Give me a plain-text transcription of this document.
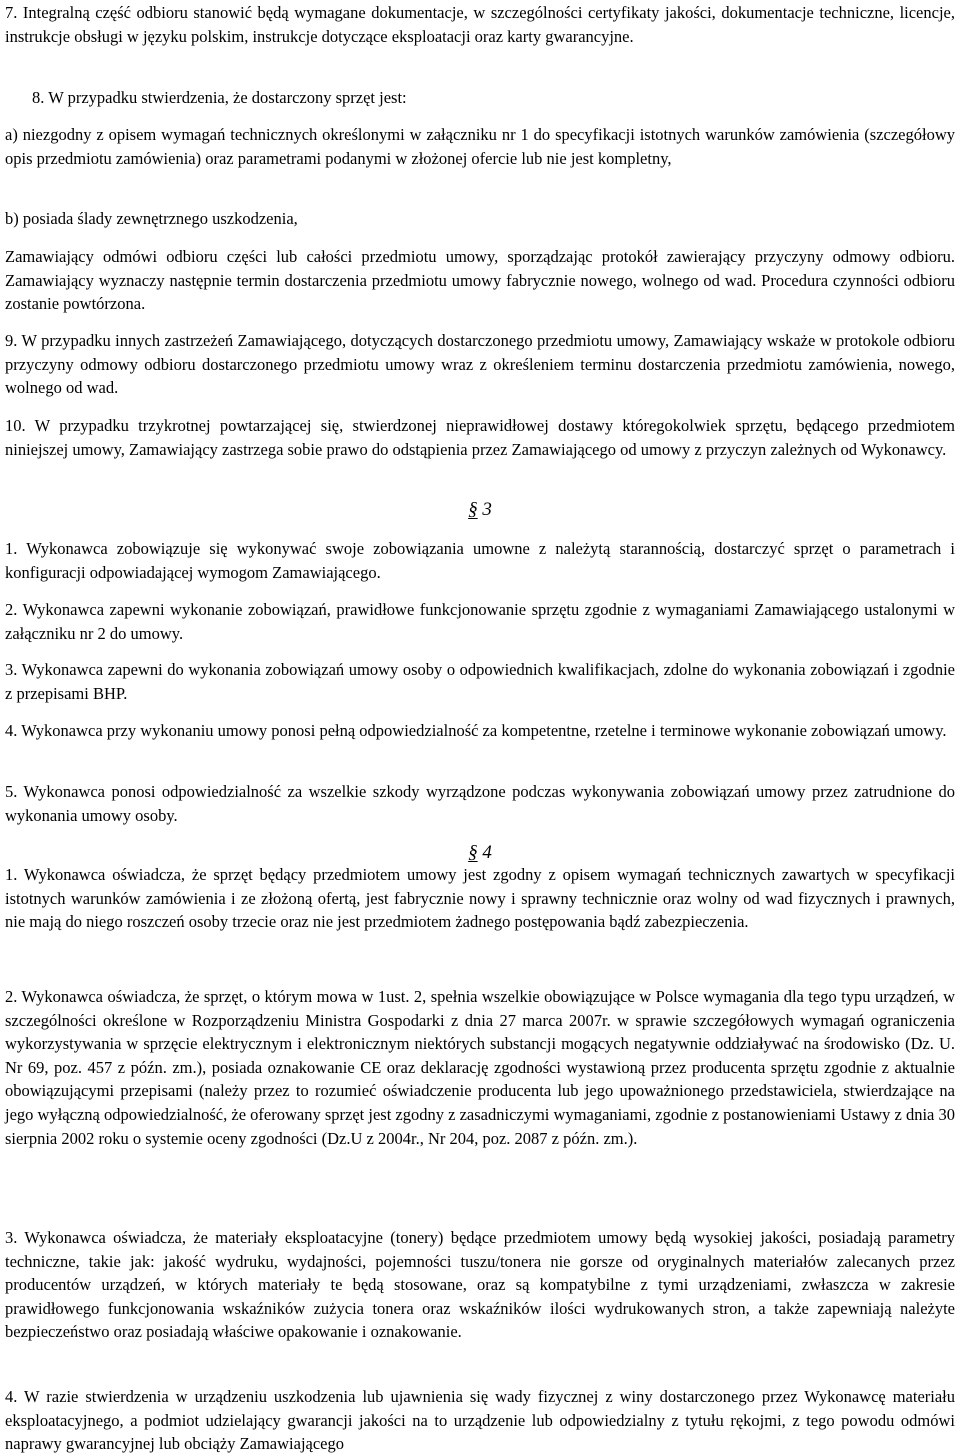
7. Integralną część odbioru stanowić będą wymagane dokumentacje, w szczególności certyfikaty jakości, dokumentacje techniczne, licencje, instrukcje obsługi w języku polskim, instrukcje dotyczące eksploatacji oraz karty gwarancyjne.

8. W przypadku stwierdzenia, że dostarczony sprzęt jest:

a) niezgodny z opisem wymagań technicznych określonymi w załączniku nr 1 do specyfikacji istotnych warunków zamówienia (szczegółowy opis przedmiotu zamówienia) oraz parametrami podanymi w złożonej ofercie lub nie jest kompletny,

b) posiada ślady zewnętrznego uszkodzenia,

Zamawiający odmówi odbioru części lub całości przedmiotu umowy, sporządzając protokół zawierający przyczyny odmowy odbioru. Zamawiający wyznaczy następnie termin dostarczenia przedmiotu umowy fabrycznie nowego, wolnego od wad. Procedura czynności odbioru zostanie powtórzona.

9. W przypadku innych zastrzeżeń Zamawiającego, dotyczących dostarczonego przedmiotu umowy, Zamawiający wskaże w protokole odbioru przyczyny odmowy odbioru dostarczonego przedmiotu umowy wraz z określeniem terminu dostarczenia przedmiotu zamówienia, nowego, wolnego od wad.

10. W przypadku trzykrotnej powtarzającej się, stwierdzonej nieprawidłowej dostawy któregokolwiek sprzętu, będącego przedmiotem niniejszej umowy, Zamawiający zastrzega sobie prawo do odstąpienia przez Zamawiającego od umowy z przyczyn zależnych od Wykonawcy.

§ 3

1. Wykonawca zobowiązuje się wykonywać swoje zobowiązania umowne z należytą starannością, dostarczyć sprzęt o parametrach i konfiguracji odpowiadającej wymogom Zamawiającego.

2. Wykonawca zapewni wykonanie zobowiązań, prawidłowe funkcjonowanie sprzętu zgodnie z wymaganiami Zamawiającego ustalonymi w załączniku nr 2 do umowy.

3. Wykonawca zapewni do wykonania zobowiązań umowy osoby o odpowiednich kwalifikacjach, zdolne do wykonania zobowiązań i zgodnie z przepisami BHP.

4. Wykonawca przy wykonaniu umowy ponosi pełną odpowiedzialność za kompetentne, rzetelne i terminowe wykonanie zobowiązań umowy.

5. Wykonawca ponosi odpowiedzialność za wszelkie szkody wyrządzone podczas wykonywania zobowiązań umowy przez zatrudnione do wykonania umowy osoby.

§ 4

1. Wykonawca oświadcza, że sprzęt będący przedmiotem umowy jest zgodny z opisem wymagań technicznych zawartych w specyfikacji istotnych warunków zamówienia i ze złożoną ofertą, jest fabrycznie nowy i sprawny technicznie oraz wolny od wad fizycznych i prawnych, nie mają do niego roszczeń osoby trzecie oraz nie jest przedmiotem żadnego postępowania bądź zabezpieczenia.

2. Wykonawca oświadcza, że sprzęt, o którym mowa w 1ust. 2, spełnia wszelkie obowiązujące w Polsce wymagania dla tego typu urządzeń, w szczególności określone w Rozporządzeniu Ministra Gospodarki z dnia 27 marca 2007r. w sprawie szczegółowych wymagań ograniczenia wykorzystywania w sprzęcie elektrycznym i elektronicznym niektórych substancji mogących negatywnie oddziaływać na środowisko (Dz. U. Nr 69, poz. 457 z późn. zm.), posiada oznakowanie CE oraz deklarację zgodności wystawioną przez producenta sprzętu zgodnie z aktualnie obowiązującymi przepisami (należy przez to rozumieć oświadczenie producenta lub jego upoważnionego przedstawiciela, stwierdzające na jego wyłączną odpowiedzialność, że oferowany sprzęt jest zgodny z zasadniczymi wymaganiami, zgodnie z postanowieniami Ustawy z dnia 30 sierpnia 2002 roku o systemie oceny zgodności (Dz.U z 2004r., Nr 204, poz. 2087 z późn. zm.).

3. Wykonawca oświadcza, że materiały eksploatacyjne (tonery) będące przedmiotem umowy będą wysokiej jakości, posiadają parametry techniczne, takie jak: jakość wydruku, wydajności, pojemności tuszu/tonera nie gorsze od oryginalnych materiałów zalecanych przez producentów urządzeń, w których materiały te będą stosowane, oraz są kompatybilne z tymi urządzeniami, zwłaszcza w zakresie prawidłowego funkcjonowania wskaźników zużycia tonera oraz wskaźników ilości wydrukowanych stron, a także zapewniają należyte bezpieczeństwo oraz posiadają właściwe opakowanie i oznakowanie.

4. W razie stwierdzenia w urządzeniu uszkodzenia lub ujawnienia się wady fizycznej z winy dostarczonego przez Wykonawcę materiału eksploatacyjnego, a podmiot udzielający gwarancji jakości na to urządzenie lub odpowiedzialny z tytułu rękojmi, z tego powodu odmówi naprawy gwarancyjnej lub obciąży Zamawiającego
